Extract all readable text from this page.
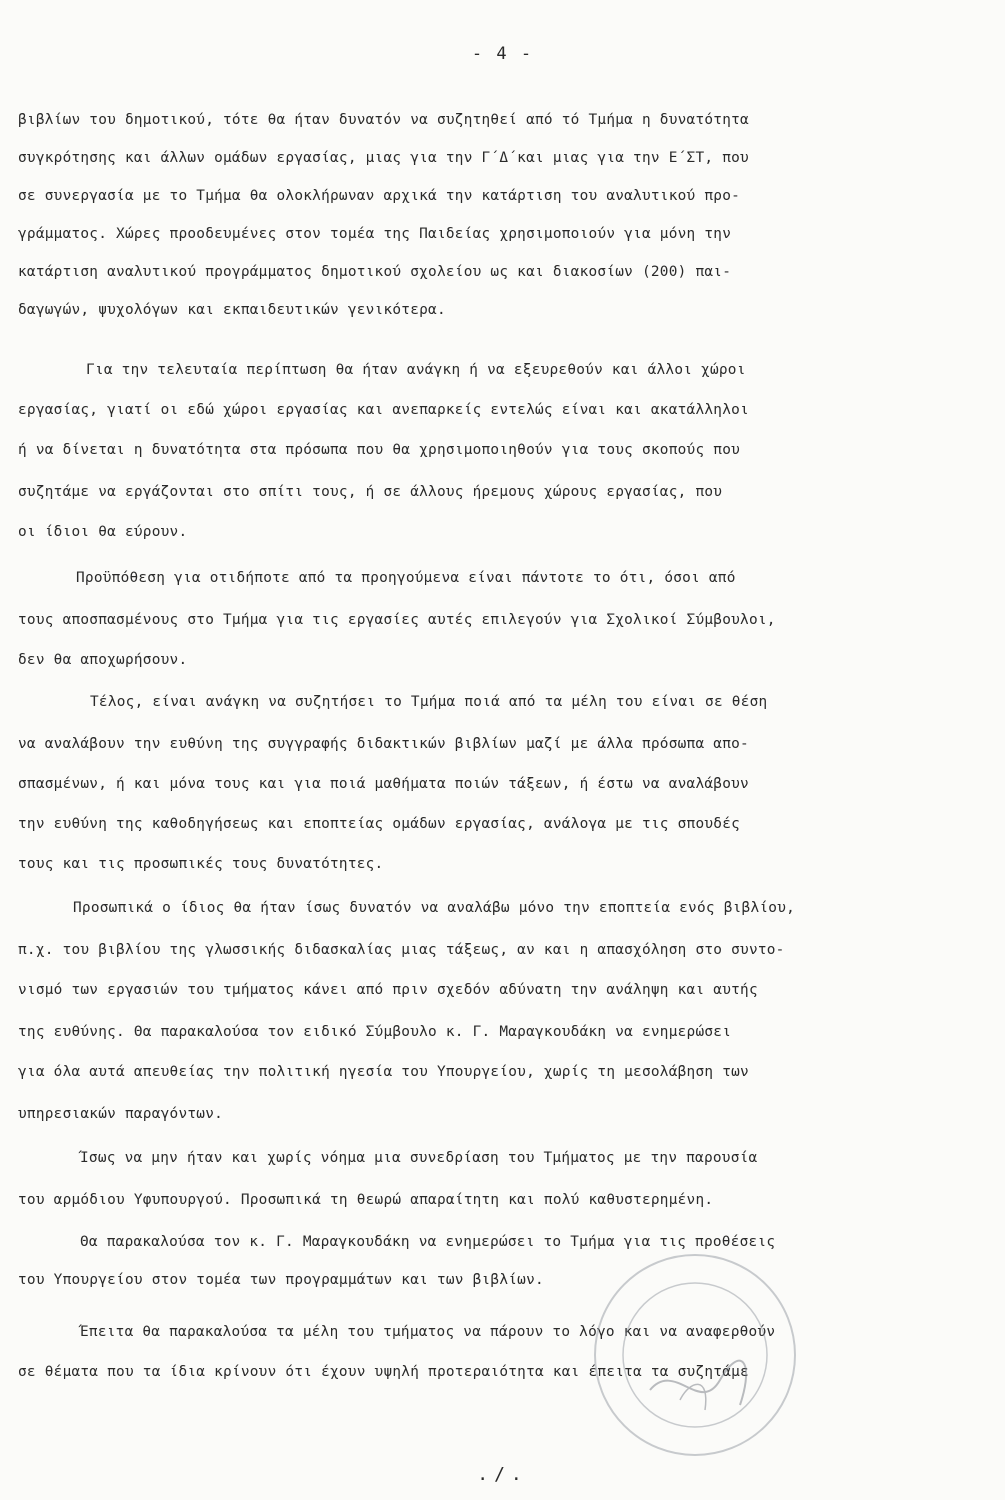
- 4 -
βιβλίων του δημοτικού, τότε θα ήταν δυνατόν να συζητηθεί από τό Τμήμα η δυνατότητα
συγκρότησης και άλλων ομάδων εργασίας, μιας για την Γ΄Δ΄και μιας για την Ε΄ΣΤ, που
σε συνεργασία με το Τμήμα θα ολοκλήρωναν αρχικά την κατάρτιση του αναλυτικού προ-
γράμματος. Χώρες προοδευμένες στον τομέα της Παιδείας χρησιμοποιούν για μόνη την
κατάρτιση αναλυτικού προγράμματος δημοτικού σχολείου ως και διακοσίων (200) παι-
δαγωγών, ψυχολόγων και εκπαιδευτικών γενικότερα.
Για την τελευταία περίπτωση θα ήταν ανάγκη ή να εξευρεθούν και άλλοι χώροι
εργασίας, γιατί οι εδώ χώροι εργασίας και ανεπαρκείς εντελώς είναι και ακατάλληλοι
ή να δίνεται η δυνατότητα στα πρόσωπα που θα χρησιμοποιηθούν για τους σκοπούς που
συζητάμε να εργάζονται στο σπίτι τους, ή σε άλλους ήρεμους χώρους εργασίας, που
οι ίδιοι θα εύρουν.
Προϋπόθεση για οτιδήποτε από τα προηγούμενα είναι πάντοτε το ότι, όσοι από
τους αποσπασμένους στο Τμήμα για τις εργασίες αυτές επιλεγούν για Σχολικοί Σύμβουλοι,
δεν θα αποχωρήσουν.
Τέλος, είναι ανάγκη να συζητήσει το Τμήμα ποιά από τα μέλη του είναι σε θέση
να αναλάβουν την ευθύνη της συγγραφής διδακτικών βιβλίων μαζί με άλλα πρόσωπα απο-
σπασμένων, ή και μόνα τους και για ποιά μαθήματα ποιών τάξεων, ή έστω να αναλάβουν
την ευθύνη της καθοδηγήσεως και εποπτείας ομάδων εργασίας, ανάλογα με τις σπουδές
τους και τις προσωπικές τους δυνατότητες.
Προσωπικά ο ίδιος θα ήταν ίσως δυνατόν να αναλάβω μόνο την εποπτεία ενός βιβλίου,
π.χ. του βιβλίου της γλωσσικής διδασκαλίας μιας τάξεως, αν και η απασχόληση στο συντο-
νισμό των εργασιών του τμήματος κάνει από πριν σχεδόν αδύνατη την ανάληψη και αυτής
της ευθύνης. Θα παρακαλούσα τον ειδικό Σύμβουλο κ. Γ. Μαραγκουδάκη να ενημερώσει
για όλα αυτά απευθείας την πολιτική ηγεσία του Υπουργείου, χωρίς τη μεσολάβηση των
υπηρεσιακών παραγόντων.
Ίσως να μην ήταν και χωρίς νόημα μια συνεδρίαση του Τμήματος με την παρουσία
του αρμόδιου Υφυπουργού. Προσωπικά τη θεωρώ απαραίτητη και πολύ καθυστερημένη.
Θα παρακαλούσα τον κ. Γ. Μαραγκουδάκη να ενημερώσει το Τμήμα για τις προθέσεις
του Υπουργείου στον τομέα των προγραμμάτων και των βιβλίων.
Έπειτα θα παρακαλούσα τα μέλη του τμήματος να πάρουν το λόγο και να αναφερθούν
σε θέματα που τα ίδια κρίνουν ότι έχουν υψηλή προτεραιότητα και έπειτα τα συζητάμε
./.
